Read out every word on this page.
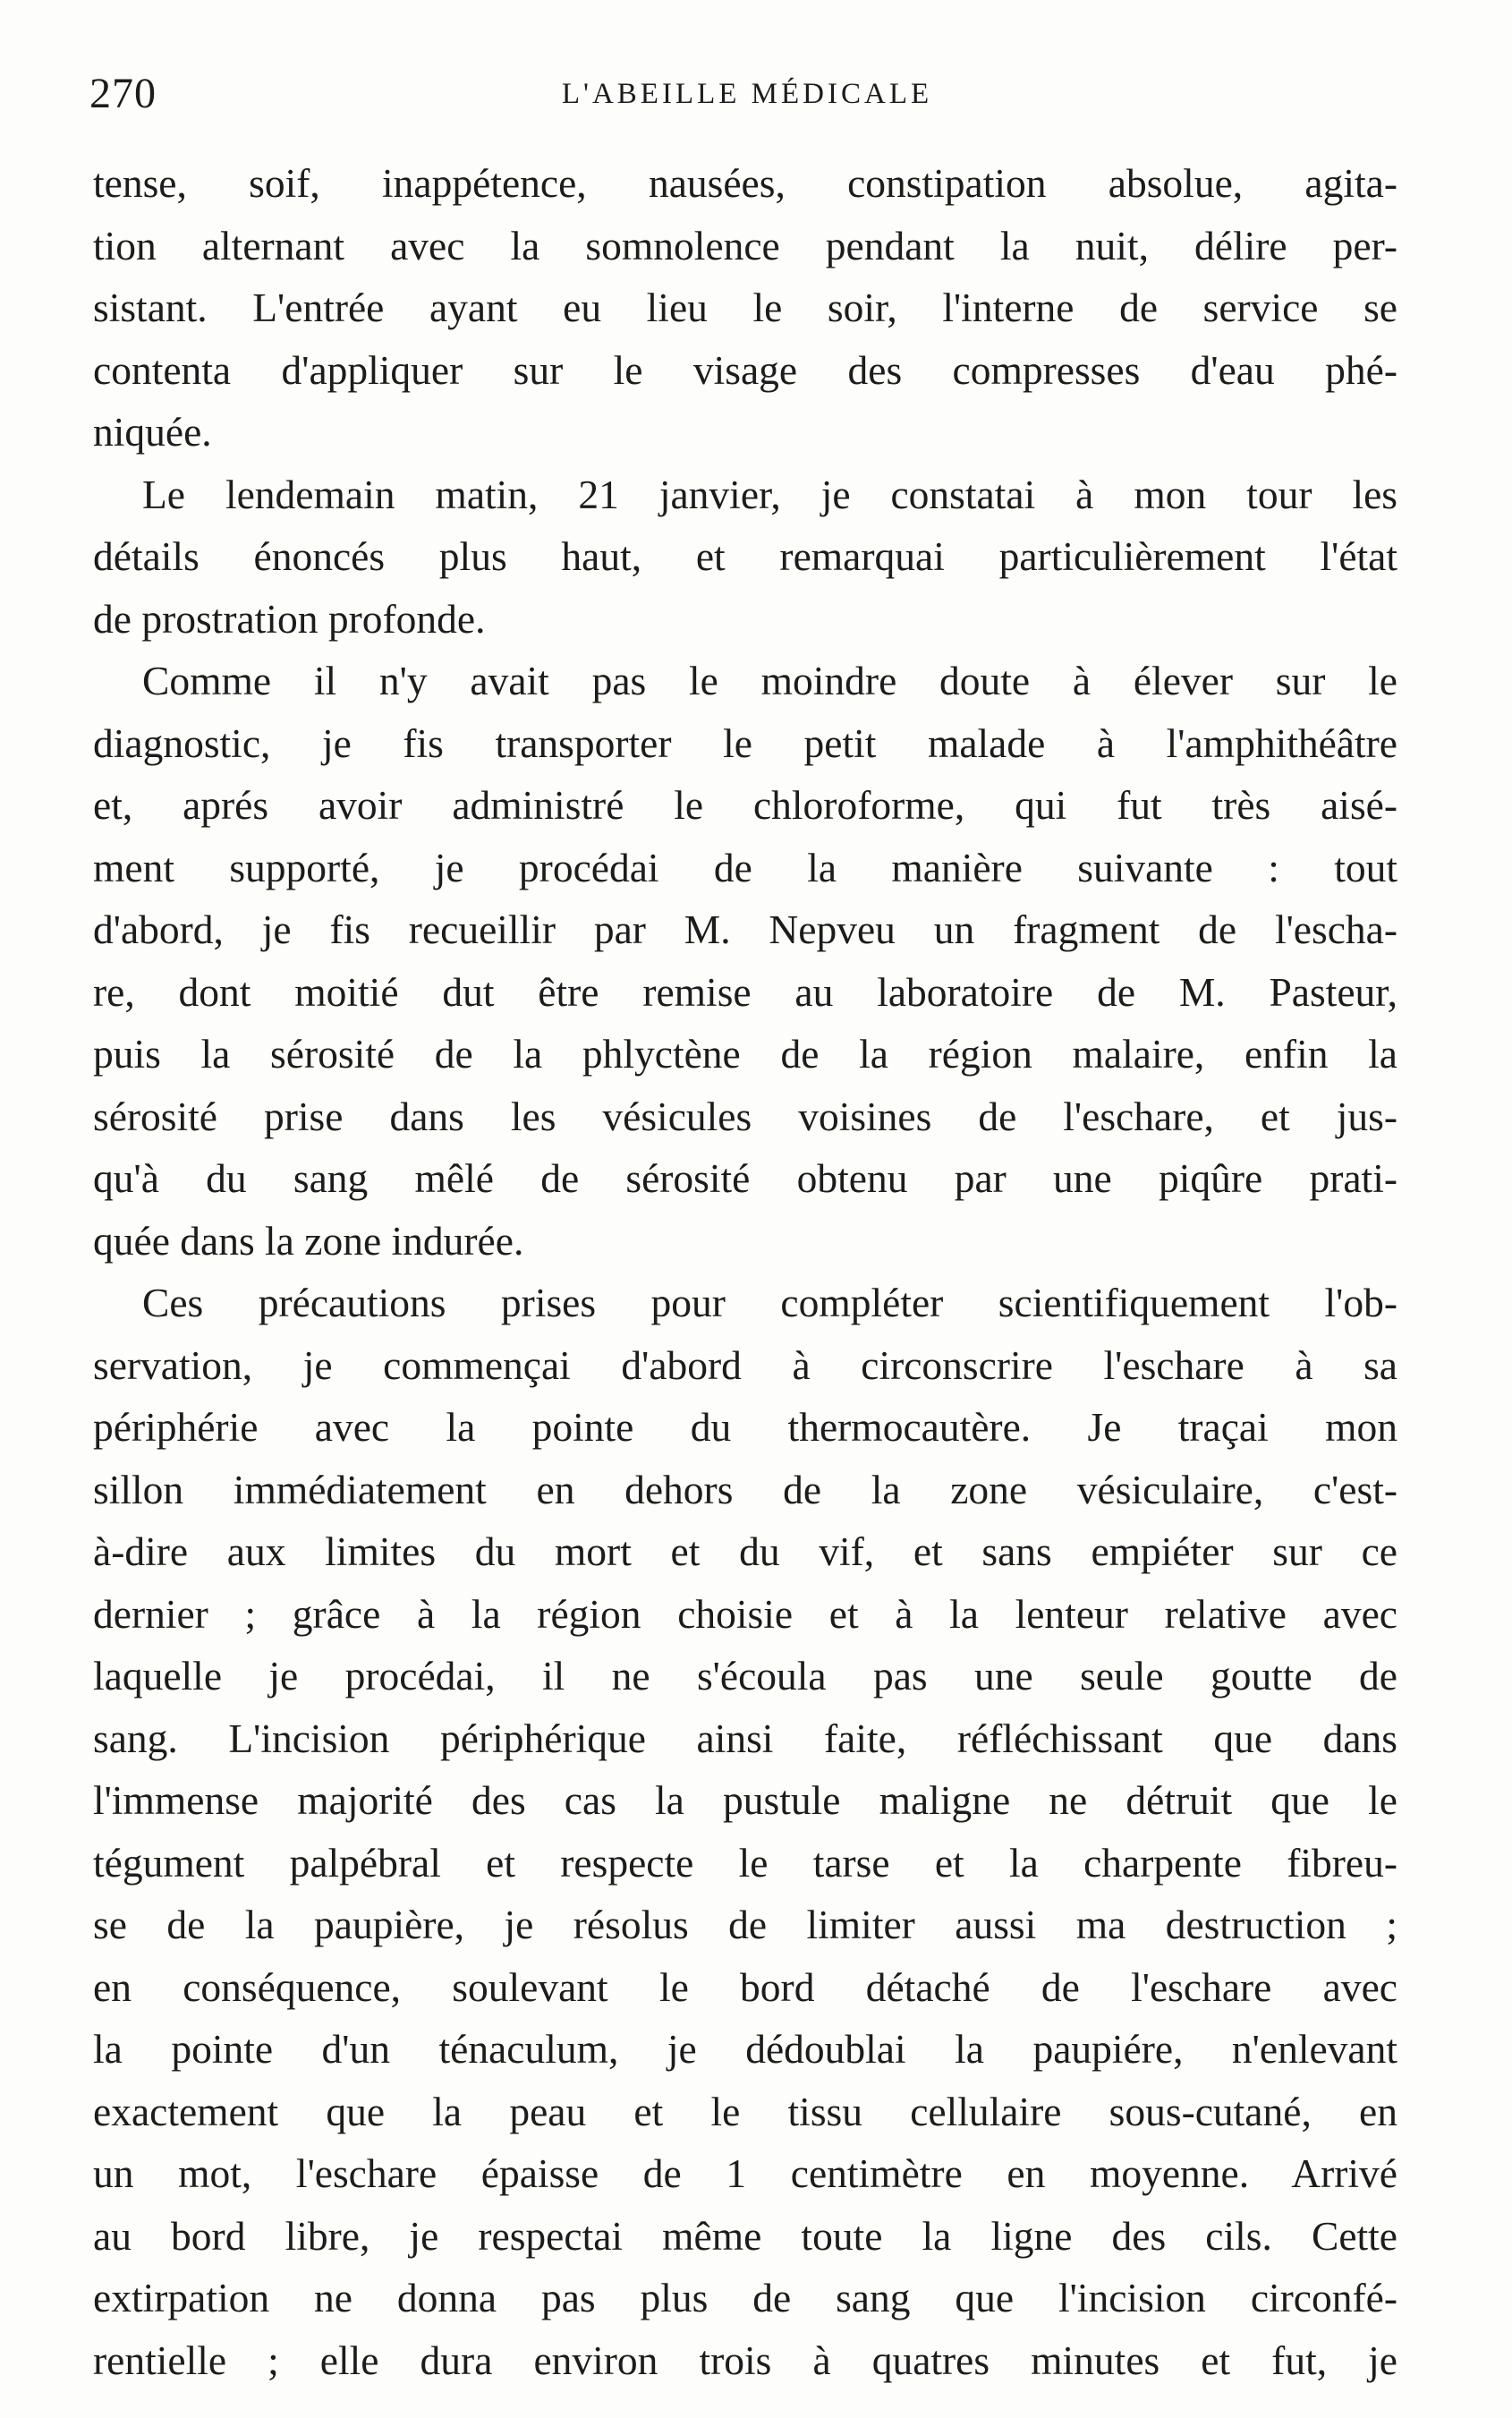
270	L'ABEILLE MÉDICALE
tense, soif, inappétence, nausées, constipation absolue, agita-
tion alternant avec la somnolence pendant la nuit, délire per-
sistant. L'entrée ayant eu lieu le soir, l'interne de service se
contenta d'appliquer sur le visage des compresses d'eau phé-
niquée.
Le lendemain matin, 21 janvier, je constatai à mon tour les
détails énoncés plus haut, et remarquai particulièrement l'état
de prostration profonde.
Comme il n'y avait pas le moindre doute à élever sur le
diagnostic, je fis transporter le petit malade à l'amphithéâtre
et, aprés avoir administré le chloroforme, qui fut très aisé-
ment supporté, je procédai de la manière suivante : tout
d'abord, je fis recueillir par M. Nepveu un fragment de l'escha-
re, dont moitié dut être remise au laboratoire de M. Pasteur,
puis la sérosité de la phlyctène de la région malaire, enfin la
sérosité prise dans les vésicules voisines de l'eschare, et jus-
qu'à du sang mêlé de sérosité obtenu par une piqûre prati-
quée dans la zone indurée.
Ces précautions prises pour compléter scientifiquement l'ob-
servation, je commençai d'abord à circonscrire l'eschare à sa
périphérie avec la pointe du thermocautère. Je traçai mon
sillon immédiatement en dehors de la zone vésiculaire, c'est-
à-dire aux limites du mort et du vif, et sans empiéter sur ce
dernier ; grâce à la région choisie et à la lenteur relative avec
laquelle je procédai, il ne s'écoula pas une seule goutte de
sang. L'incision périphérique ainsi faite, réfléchissant que dans
l'immense majorité des cas la pustule maligne ne détruit que le
tégument palpébral et respecte le tarse et la charpente fibreu-
se de la paupière, je résolus de limiter aussi ma destruction ;
en conséquence, soulevant le bord détaché de l'eschare avec
la pointe d'un ténaculum, je dédoublai la paupiére, n'enlevant
exactement que la peau et le tissu cellulaire sous-cutané, en
un mot, l'eschare épaisse de 1 centimètre en moyenne. Arrivé
au bord libre, je respectai même toute la ligne des cils. Cette
extirpation ne donna pas plus de sang que l'incision circonfé-
rentielle ; elle dura environ trois à quatres minutes et fut, je
